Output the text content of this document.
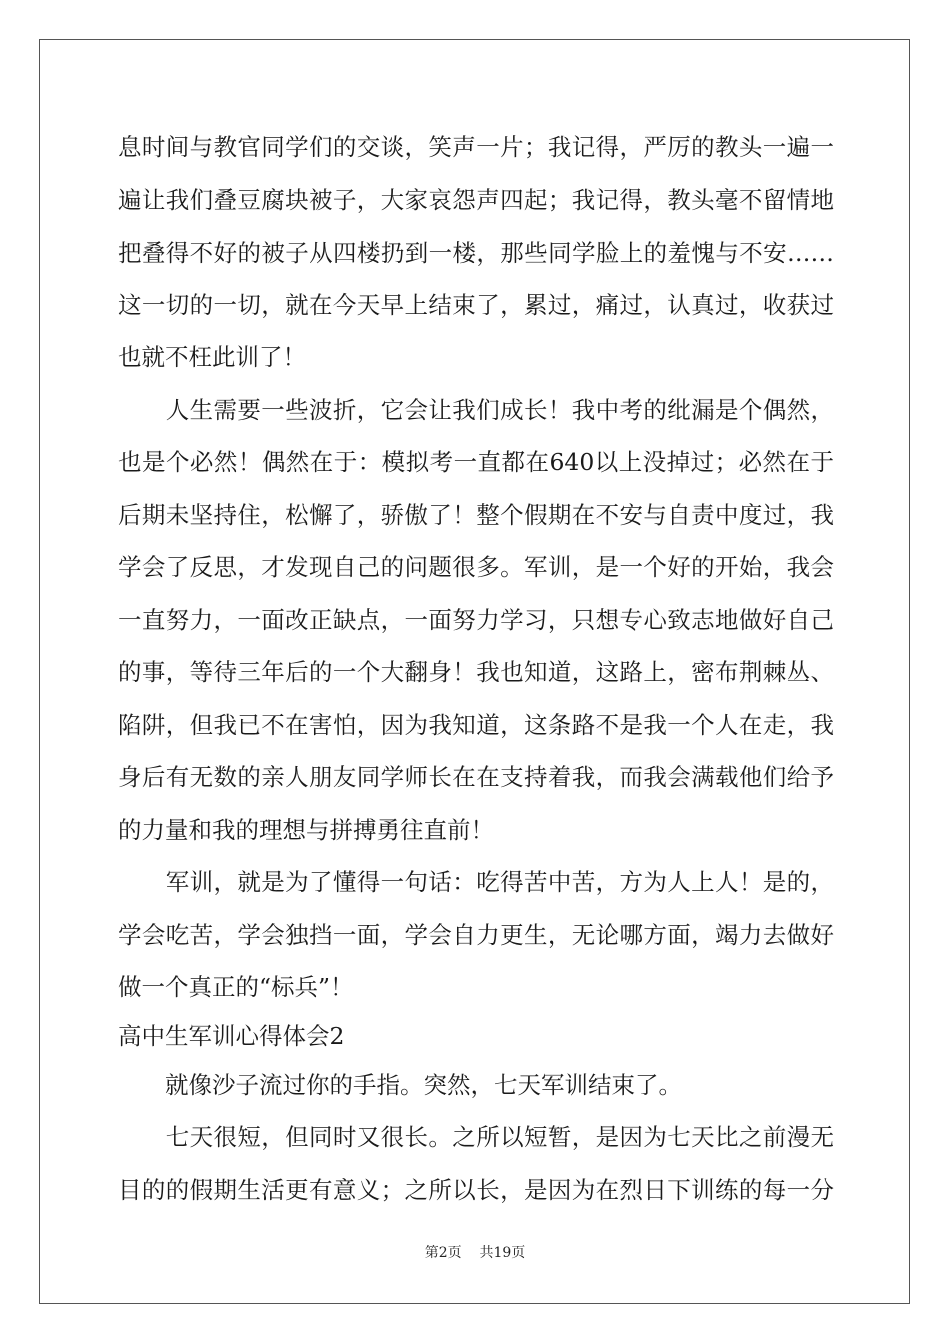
息时间与教官同学们的交谈，笑声一片；我记得，严厉的教头一遍一
遍让我们叠豆腐块被子，大家哀怨声四起；我记得，教头毫不留情地
把叠得不好的被子从四楼扔到一楼，那些同学脸上的羞愧与不安……
这一切的一切，就在今天早上结束了，累过，痛过，认真过，收获过
也就不枉此训了！
　　人生需要一些波折，它会让我们成长！我中考的纰漏是个偶然，
也是个必然！偶然在于：模拟考一直都在640以上没掉过；必然在于
后期未坚持住，松懈了，骄傲了！整个假期在不安与自责中度过，我
学会了反思，才发现自己的问题很多。军训，是一个好的开始，我会
一直努力，一面改正缺点，一面努力学习，只想专心致志地做好自己
的事，等待三年后的一个大翻身！我也知道，这路上，密布荆棘丛、
陷阱，但我已不在害怕，因为我知道，这条路不是我一个人在走，我
身后有无数的亲人朋友同学师长在在支持着我，而我会满载他们给予
的力量和我的理想与拼搏勇往直前！
　　军训，就是为了懂得一句话：吃得苦中苦，方为人上人！是的，
学会吃苦，学会独挡一面，学会自力更生，无论哪方面，竭力去做好
做一个真正的“标兵”！
高中生军训心得体会2
　　就像沙子流过你的手指。突然，七天军训结束了。
　　七天很短，但同时又很长。之所以短暂，是因为七天比之前漫无
目的的假期生活更有意义；之所以长，是因为在烈日下训练的每一分
第2页 共19页
